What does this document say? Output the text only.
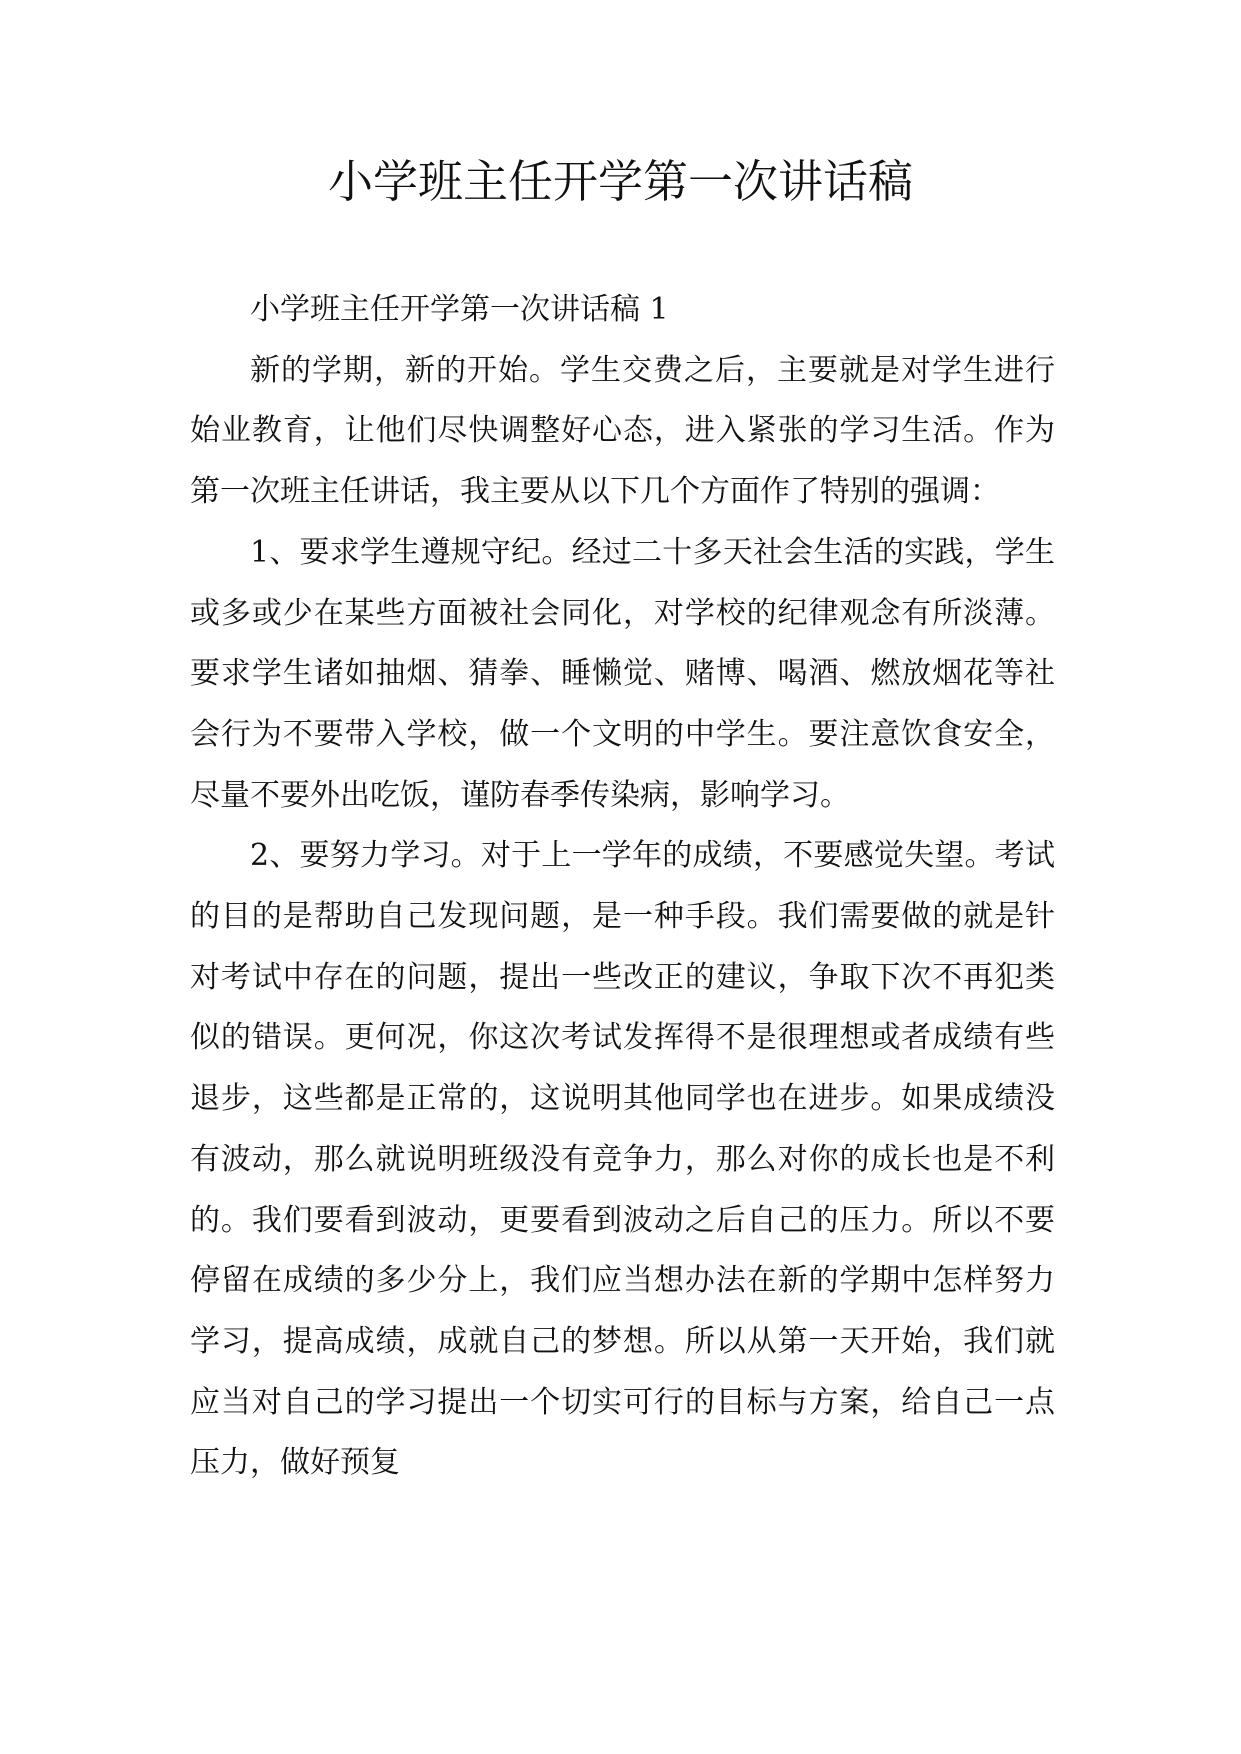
小学班主任开学第一次讲话稿

小学班主任开学第一次讲话稿 1

新的学期，新的开始。学生交费之后，主要就是对学生进行始业教育，让他们尽快调整好心态，进入紧张的学习生活。作为第一次班主任讲话，我主要从以下几个方面作了特别的强调：

1、要求学生遵规守纪。经过二十多天社会生活的实践，学生或多或少在某些方面被社会同化，对学校的纪律观念有所淡薄。要求学生诸如抽烟、猜拳、睡懒觉、赌博、喝酒、燃放烟花等社会行为不要带入学校，做一个文明的中学生。要注意饮食安全，尽量不要外出吃饭，谨防春季传染病，影响学习。

2、要努力学习。对于上一学年的成绩，不要感觉失望。考试的目的是帮助自己发现问题，是一种手段。我们需要做的就是针对考试中存在的问题，提出一些改正的建议，争取下次不再犯类似的错误。更何况，你这次考试发挥得不是很理想或者成绩有些退步，这些都是正常的，这说明其他同学也在进步。如果成绩没有波动，那么就说明班级没有竞争力，那么对你的成长也是不利的。我们要看到波动，更要看到波动之后自己的压力。所以不要停留在成绩的多少分上，我们应当想办法在新的学期中怎样努力学习，提高成绩，成就自己的梦想。所以从第一天开始，我们就应当对自己的学习提出一个切实可行的目标与方案，给自己一点压力，做好预复
